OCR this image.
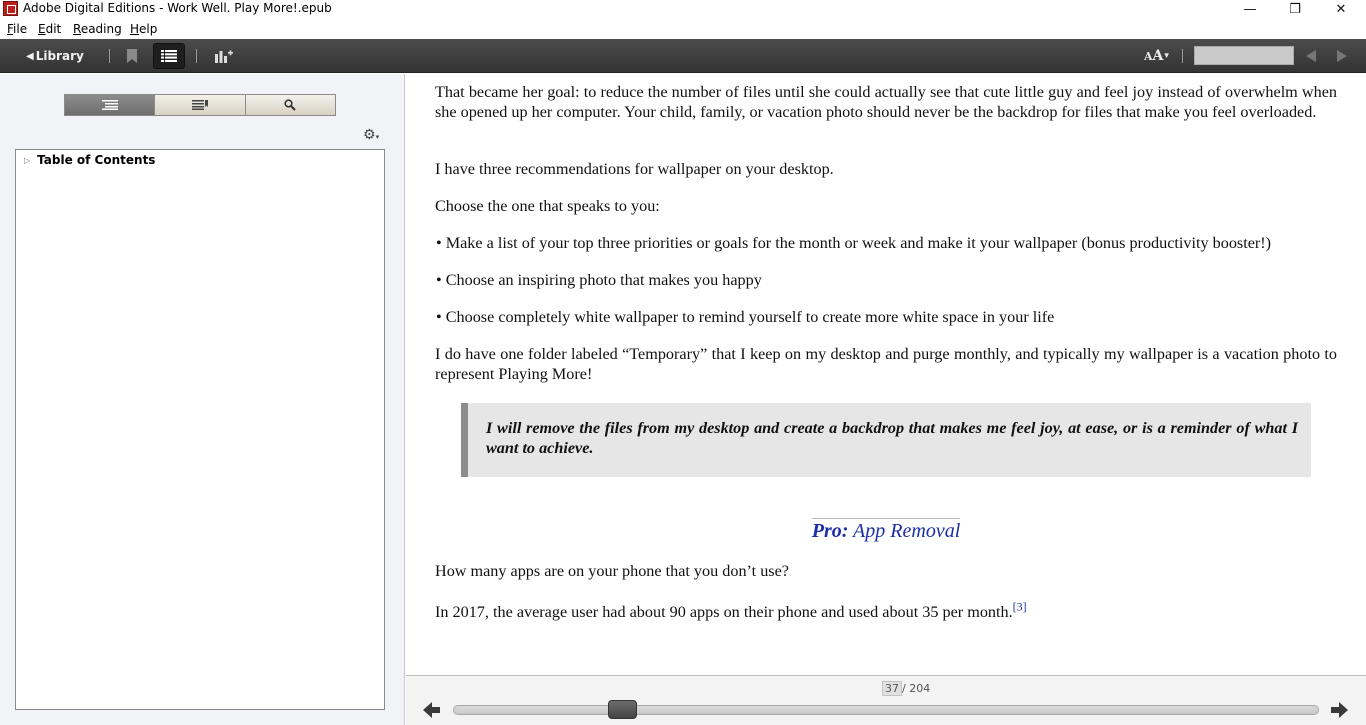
Adobe Digital Editions - Work Well. Play More!.epub	—	❐	✕
File Edit Reading Help
◀ Library	A A ▾
⚙▾
▷ Table of Contents

That became her goal: to reduce the number of files until she could actually see that cute little guy and feel joy instead of overwhelm when she opened up her computer. Your child, family, or vacation photo should never be the backdrop for files that make you feel overloaded.

I have three recommendations for wallpaper on your desktop.

Choose the one that speaks to you:

• Make a list of your top three priorities or goals for the month or week and make it your wallpaper (bonus productivity booster!)

• Choose an inspiring photo that makes you happy

• Choose completely white wallpaper to remind yourself to create more white space in your life

I do have one folder labeled “Temporary” that I keep on my desktop and purge monthly, and typically my wallpaper is a vacation photo to represent Playing More!

I will remove the files from my desktop and create a backdrop that makes me feel joy, at ease, or is a reminder of what I want to achieve.

Pro: App Removal

How many apps are on your phone that you don’t use?

In 2017, the average user had about 90 apps on their phone and used about 35 per month.[3]

37 / 204
